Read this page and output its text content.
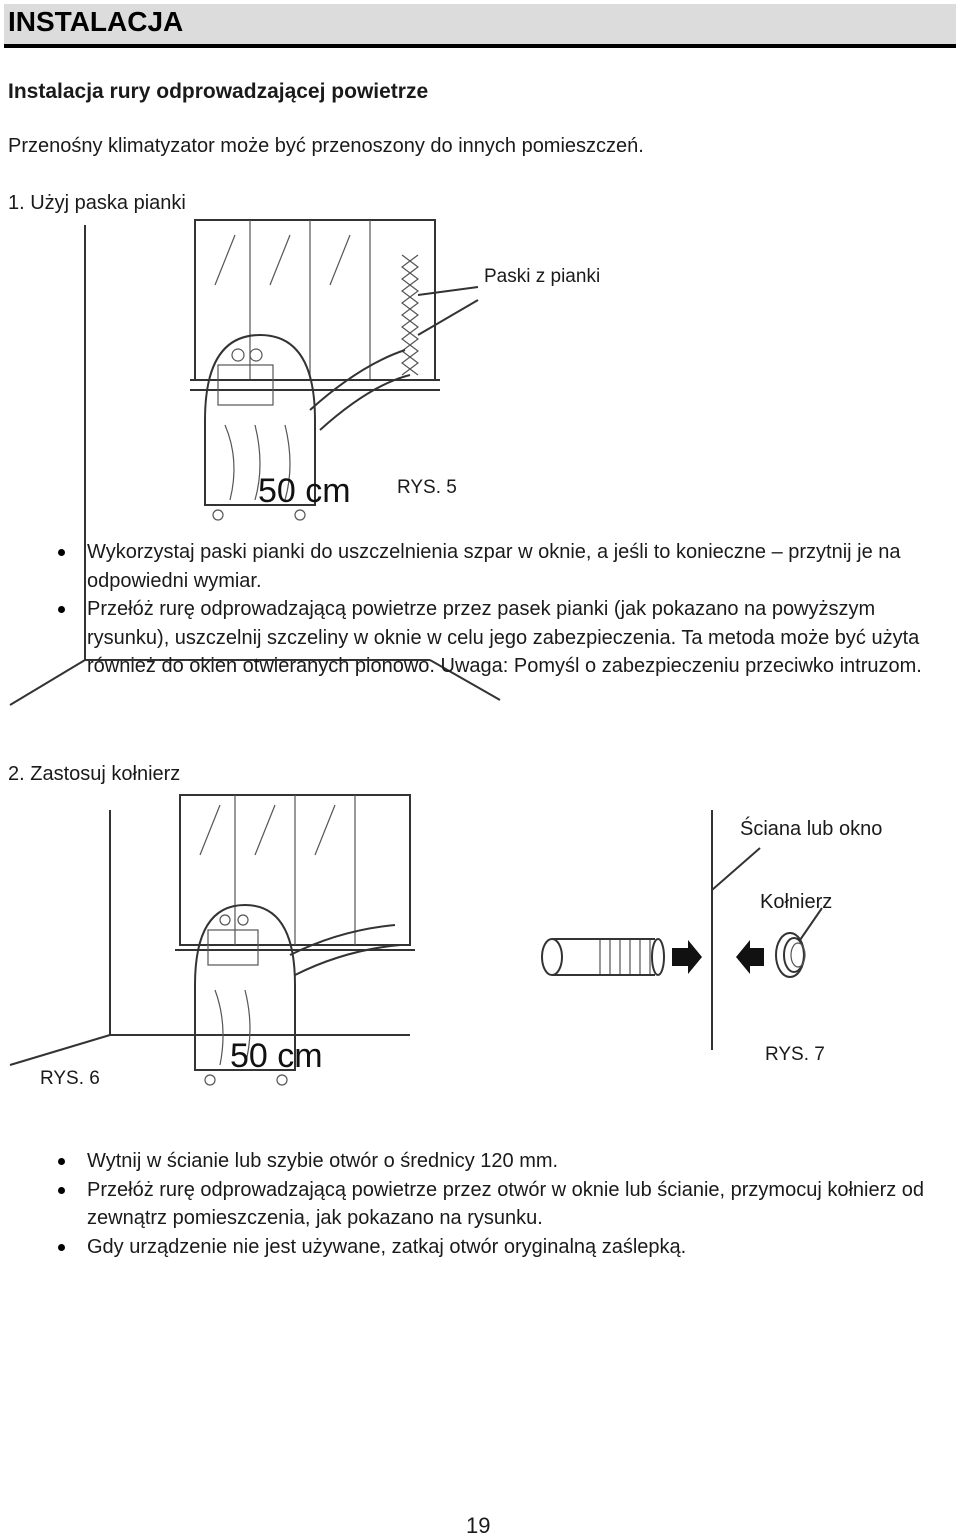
INSTALACJA
Instalacja rury odprowadzającej powietrze
Przenośny klimatyzator może być przenoszony do innych pomieszczeń.
1. Użyj paska pianki
Paski z pianki
50 cm RYS. 5
Wykorzystaj paski pianki do uszczelnienia szpar w oknie, a jeśli to konieczne – przytnij je na odpowiedni wymiar.
Przełóż rurę odprowadzającą powietrze przez pasek pianki (jak pokazano na powyższym rysunku), uszczelnij szczeliny w oknie w celu jego zabezpieczenia. Ta metoda może być użyta również do okien otwieranych pionowo. Uwaga: Pomyśl o zabezpieczeniu przeciwko intruzom.
2. Zastosuj kołnierz
Ściana lub okno
Kołnierz
RYS. 6
50 cm	RYS. 7
Wytnij w ścianie lub szybie otwór o średnicy 120 mm.
Przełóż rurę odprowadzającą powietrze przez otwór w oknie lub ścianie, przymocuj kołnierz od zewnątrz pomieszczenia, jak pokazano na rysunku.
Gdy urządzenie nie jest używane, zatkaj otwór oryginalną zaślepką.
19
